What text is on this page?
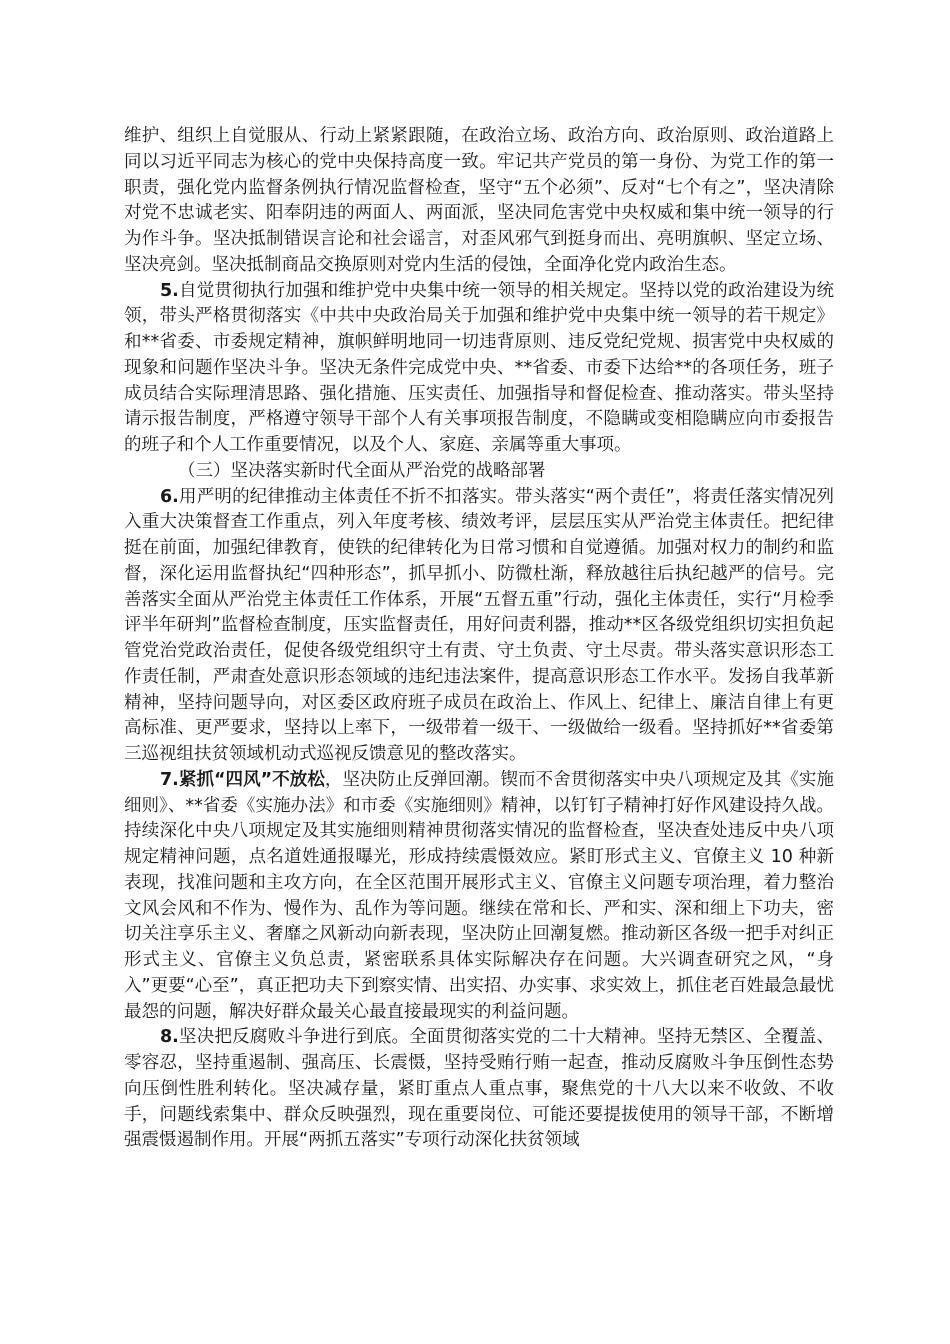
维护、组织上自觉服从、行动上紧紧跟随，在政治立场、政治方向、政治原则、政治道路上同以习近平同志为核心的党中央保持高度一致。牢记共产党员的第一身份、为党工作的第一职责，强化党内监督条例执行情况监督检查，坚守“五个必须”、反对“七个有之”，坚决清除对党不忠诚老实、阳奉阴违的两面人、两面派，坚决同危害党中央权威和集中统一领导的行为作斗争。坚决抵制错误言论和社会谣言，对歪风邪气到挺身而出、亮明旗帜、坚定立场、坚决亮剑。坚决抵制商品交换原则对党内生活的侵蚀，全面净化党内政治生态。

5.自觉贯彻执行加强和维护党中央集中统一领导的相关规定。坚持以党的政治建设为统领，带头严格贯彻落实《中共中央政治局关于加强和维护党中央集中统一领导的若干规定》和**省委、市委规定精神，旗帜鲜明地同一切违背原则、违反党纪党规、损害党中央权威的现象和问题作坚决斗争。坚决无条件完成党中央、**省委、市委下达给**的各项任务，班子成员结合实际理清思路、强化措施、压实责任、加强指导和督促检查、推动落实。带头坚持请示报告制度，严格遵守领导干部个人有关事项报告制度，不隐瞒或变相隐瞒应向市委报告的班子和个人工作重要情况，以及个人、家庭、亲属等重大事项。

（三）坚决落实新时代全面从严治党的战略部署

6.用严明的纪律推动主体责任不折不扣落实。带头落实“两个责任”，将责任落实情况列入重大决策督查工作重点，列入年度考核、绩效考评，层层压实从严治党主体责任。把纪律挺在前面，加强纪律教育，使铁的纪律转化为日常习惯和自觉遵循。加强对权力的制约和监督，深化运用监督执纪“四种形态”，抓早抓小、防微杜渐，释放越往后执纪越严的信号。完善落实全面从严治党主体责任工作体系，开展“五督五重”行动，强化主体责任，实行“月检季评半年研判”监督检查制度，压实监督责任，用好问责利器，推动**区各级党组织切实担负起管党治党政治责任，促使各级党组织守土有责、守土负责、守土尽责。带头落实意识形态工作责任制，严肃查处意识形态领域的违纪违法案件，提高意识形态工作水平。发扬自我革新精神，坚持问题导向，对区委区政府班子成员在政治上、作风上、纪律上、廉洁自律上有更高标准、更严要求，坚持以上率下，一级带着一级干、一级做给一级看。坚持抓好**省委第三巡视组扶贫领域机动式巡视反馈意见的整改落实。

7.紧抓“四风”不放松，坚决防止反弹回潮。锲而不舍贯彻落实中央八项规定及其《实施细则》、**省委《实施办法》和市委《实施细则》精神，以钉钉子精神打好作风建设持久战。持续深化中央八项规定及其实施细则精神贯彻落实情况的监督检查，坚决查处违反中央八项规定精神问题，点名道姓通报曝光，形成持续震慑效应。紧盯形式主义、官僚主义 10 种新表现，找准问题和主攻方向，在全区范围开展形式主义、官僚主义问题专项治理，着力整治文风会风和不作为、慢作为、乱作为等问题。继续在常和长、严和实、深和细上下功夫，密切关注享乐主义、奢靡之风新动向新表现，坚决防止回潮复燃。推动新区各级一把手对纠正形式主义、官僚主义负总责，紧密联系具体实际解决存在问题。大兴调查研究之风，“身入”更要“心至”，真正把功夫下到察实情、出实招、办实事、求实效上，抓住老百姓最急最忧最怨的问题，解决好群众最关心最直接最现实的利益问题。

8.坚决把反腐败斗争进行到底。全面贯彻落实党的二十大精神。坚持无禁区、全覆盖、零容忍，坚持重遏制、强高压、长震慑，坚持受贿行贿一起查，推动反腐败斗争压倒性态势向压倒性胜利转化。坚决减存量，紧盯重点人重点事，聚焦党的十八大以来不收敛、不收手，问题线索集中、群众反映强烈，现在重要岗位、可能还要提拔使用的领导干部，不断增强震慑遏制作用。开展“两抓五落实”专项行动深化扶贫领域
